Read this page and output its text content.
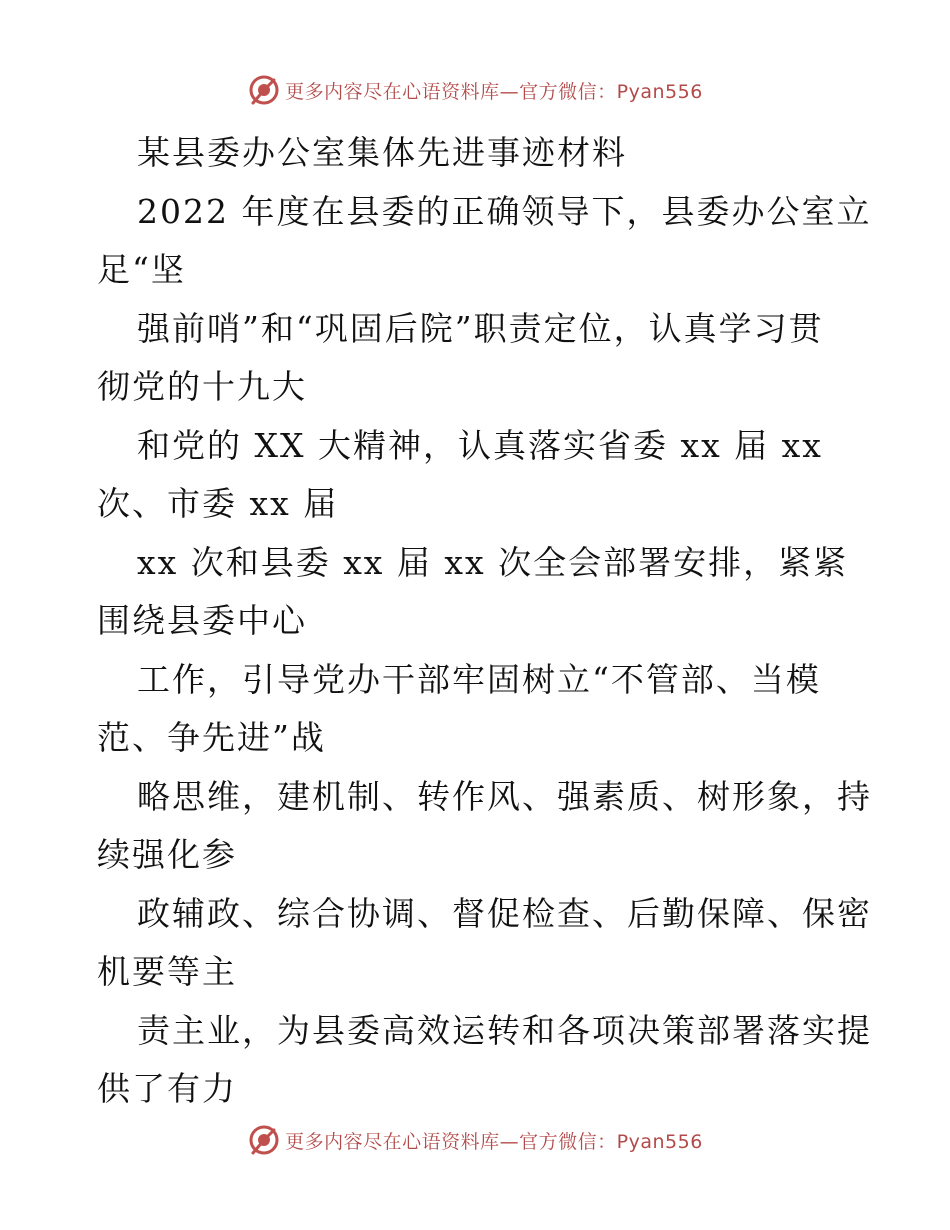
更多内容尽在心语资料库—官方微信：Pyan556
某县委办公室集体先进事迹材料
2022 年度在县委的正确领导下，县委办公室立
足“坚
强前哨”和“巩固后院”职责定位，认真学习贯
彻党的十九大
和党的 XX 大精神，认真落实省委 xx 届 xx
次、市委 xx 届
xx 次和县委 xx 届 xx 次全会部署安排，紧紧
围绕县委中心
工作，引导党办干部牢固树立“不管部、当模
范、争先进”战
略思维，建机制、转作风、强素质、树形象，持
续强化参
政辅政、综合协调、督促检查、后勤保障、保密
机要等主
责主业，为县委高效运转和各项决策部署落实提
供了有力
更多内容尽在心语资料库—官方微信：Pyan556
